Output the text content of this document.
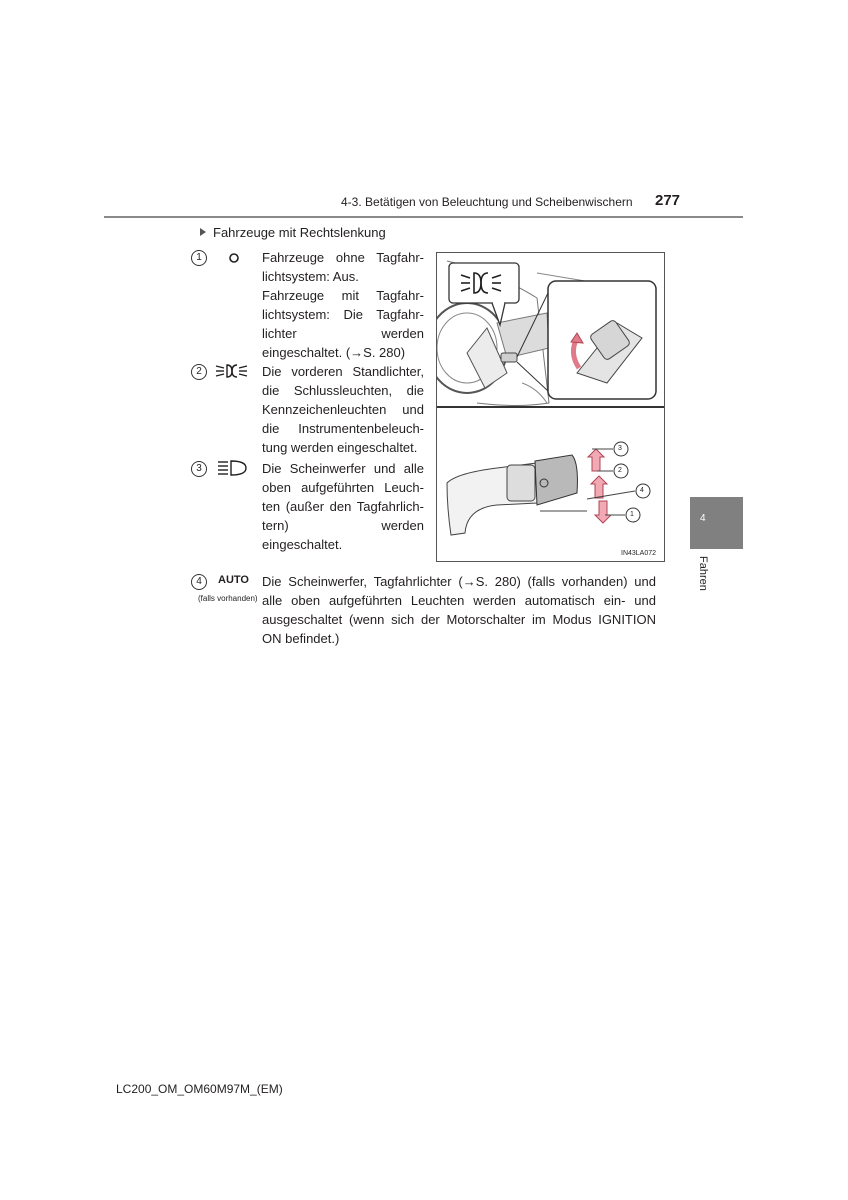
4-3. Betätigen von Beleuchtung und Scheibenwischern 277
Fahrzeuge mit Rechtslenkung
1	Fahrzeuge ohne Tagfahr-
lichtsystem: Aus.
Fahrzeuge mit Tagfahr-
lichtsystem: Die Tagfahr-
lichter werden
eingeschaltet. (→S. 280)
2	Die vorderen Standlichter,
die Schlussleuchten, die
Kennzeichenleuchten und
die Instrumentenbeleuch-
tung werden eingeschaltet.
3	Die Scheinwerfer und alle
oben aufgeführten Leuch-
ten (außer den Tagfahrlich-
tern) werden
eingeschaltet.
3
2
4
1
IN43LA072
4	AUTO
(falls vorhanden)
Die Scheinwerfer, Tagfahrlichter (→S. 280) (falls vorhanden) und
alle oben aufgeführten Leuchten werden automatisch ein- und
ausgeschaltet (wenn sich der Motorschalter im Modus IGNITION
ON befindet.)
4
Fahren
LC200_OM_OM60M97M_(EM)
